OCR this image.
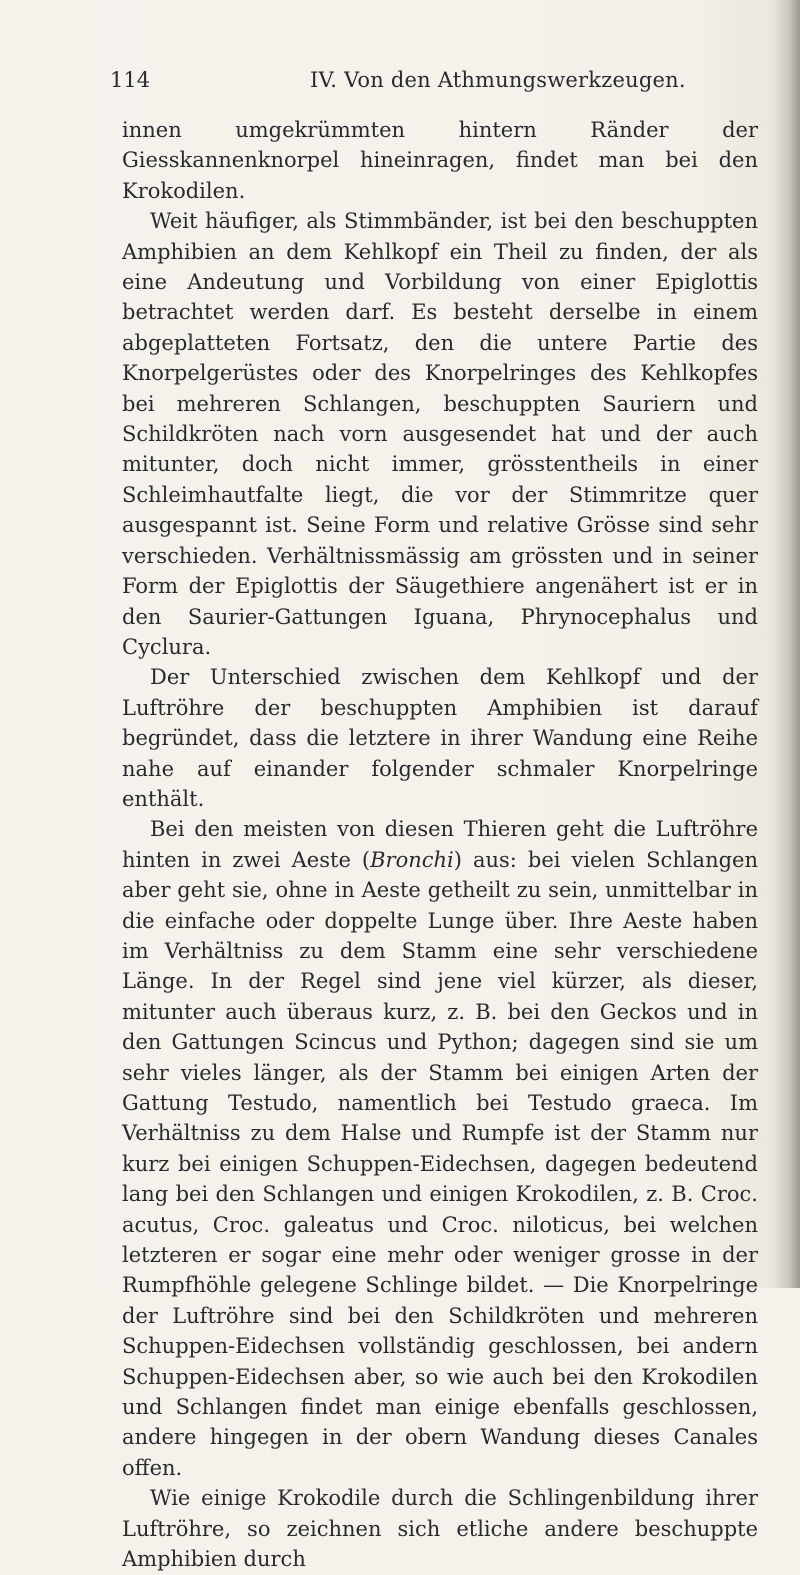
114	IV. Von den Athmungswerkzeugen.

innen umgekrümmten hintern Ränder der Giesskannenknorpel hineinragen, findet man bei den Krokodilen.

Weit häufiger, als Stimmbänder, ist bei den beschuppten Amphibien an dem Kehlkopf ein Theil zu finden, der als eine Andeutung und Vorbildung von einer Epiglottis betrachtet werden darf. Es besteht derselbe in einem abgeplatteten Fortsatz, den die untere Partie des Knorpelgerüstes oder des Knorpelringes des Kehlkopfes bei mehreren Schlangen, beschuppten Sauriern und Schildkröten nach vorn ausgesendet hat und der auch mitunter, doch nicht immer, grösstentheils in einer Schleimhautfalte liegt, die vor der Stimmritze quer ausgespannt ist. Seine Form und relative Grösse sind sehr verschieden. Verhältnissmässig am grössten und in seiner Form der Epiglottis der Säugethiere angenähert ist er in den Saurier-Gattungen Iguana, Phrynocephalus und Cyclura.

Der Unterschied zwischen dem Kehlkopf und der Luftröhre der beschuppten Amphibien ist darauf begründet, dass die letztere in ihrer Wandung eine Reihe nahe auf einander folgender schmaler Knorpelringe enthält.

Bei den meisten von diesen Thieren geht die Luftröhre hinten in zwei Aeste (Bronchi) aus: bei vielen Schlangen aber geht sie, ohne in Aeste getheilt zu sein, unmittelbar in die einfache oder doppelte Lunge über. Ihre Aeste haben im Verhältniss zu dem Stamm eine sehr verschiedene Länge. In der Regel sind jene viel kürzer, als dieser, mitunter auch überaus kurz, z. B. bei den Geckos und in den Gattungen Scincus und Python; dagegen sind sie um sehr vieles länger, als der Stamm bei einigen Arten der Gattung Testudo, namentlich bei Testudo graeca. Im Verhältniss zu dem Halse und Rumpfe ist der Stamm nur kurz bei einigen Schuppen-Eidechsen, dagegen bedeutend lang bei den Schlangen und einigen Krokodilen, z. B. Croc. acutus, Croc. galeatus und Croc. niloticus, bei welchen letzteren er sogar eine mehr oder weniger grosse in der Rumpfhöhle gelegene Schlinge bildet. — Die Knorpelringe der Luftröhre sind bei den Schildkröten und mehreren Schuppen-Eidechsen vollständig geschlossen, bei andern Schuppen-Eidechsen aber, so wie auch bei den Krokodilen und Schlangen findet man einige ebenfalls geschlossen, andere hingegen in der obern Wandung dieses Canales offen.

Wie einige Krokodile durch die Schlingenbildung ihrer Luftröhre, so zeichnen sich etliche andere beschuppte Amphibien durch
